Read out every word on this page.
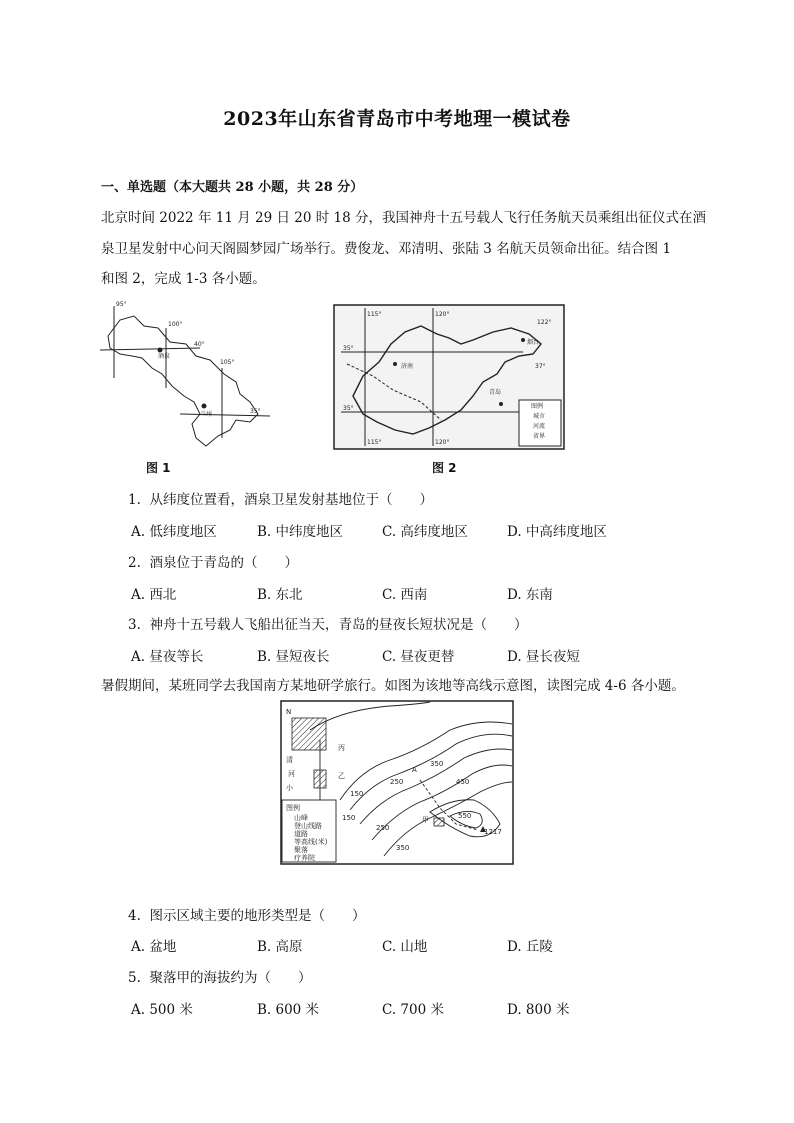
2023年山东省青岛市中考地理一模试卷
一、单选题（本大题共 28 小题，共 28 分）
北京时间 2022 年 11 月 29 日 20 时 18 分，我国神舟十五号载人飞行任务航天员乘组出征仪式在酒
泉卫星发射中心问天阁圆梦园广场举行。费俊龙、邓清明、张陆 3 名航天员领命出征。结合图 1
和图 2，完成 1-3 各小题。
95°
100°
40°
105°
35°
酒泉
兰州
图 1
115°	120°
35°
济南
青岛
烟台
115°	120°
35°	图例
城市
河流
省界
122°
37°
图 2
1. 从纬度位置看，酒泉卫星发射基地位于（　　）
A. 低纬度地区	B. 中纬度地区	C. 高纬度地区	D. 中高纬度地区
2. 酒泉位于青岛的（　　）
A. 西北	B. 东北	C. 西南	D. 东南
3. 神舟十五号载人飞船出征当天，青岛的昼夜长短状况是（　　）
A. 昼夜等长	B. 昼短夜长	C. 昼夜更替	D. 昼长夜短
暑假期间，某班同学去我国南方某地研学旅行。如图为该地等高线示意图，读图完成 4-6 各小题。
N
丙
清
河
小
乙
A
150
250
350
450
550
甲
1217
图例
山峰
登山线路
道路
等高线(米)
聚落
疗养院
150
250
350
4. 图示区域主要的地形类型是（　　）
A. 盆地	B. 高原	C. 山地	D. 丘陵
5. 聚落甲的海拔约为（　　）
A. 500 米	B. 600 米	C. 700 米	D. 800 米
